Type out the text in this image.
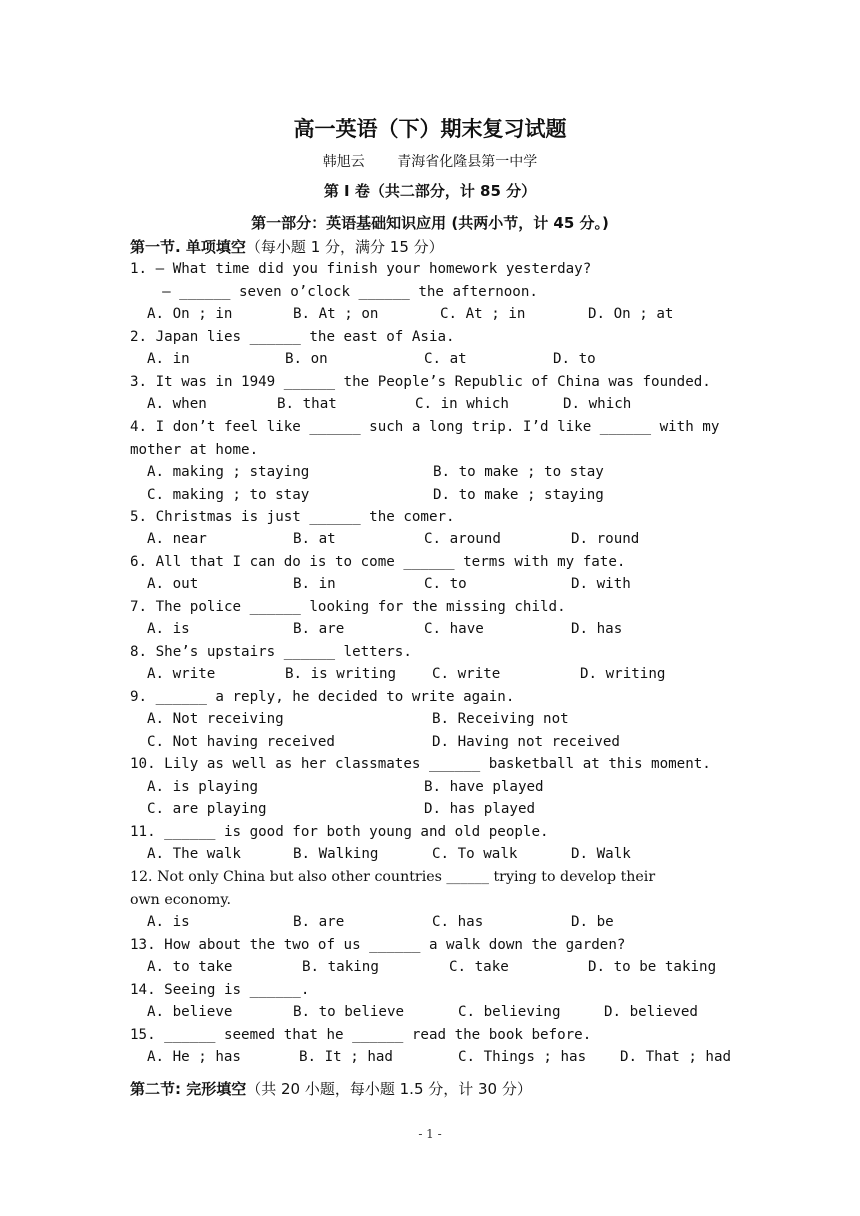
高一英语（下）期末复习试题
韩旭云 青海省化隆县第一中学
第 I 卷（共二部分，计 85 分）
第一部分：英语基础知识应用 (共两小节，计 45 分。)
第一节. 单项填空（每小题 1 分，满分 15 分）
1. — What time did you finish your homework yesterday?
— ______ seven o’clock ______ the afternoon.
A. On ; in	B. At ; on	C. At ; in	D. On ; at
2. Japan lies ______ the east of Asia.
A. in	B. on	C. at	D. to
3. It was in 1949 ______ the People’s Republic of China was founded.
A. when	B. that	C. in which	D. which
4. I don’t feel like ______ such a long trip. I’d like ______ with my
mother at home.
A. making ; staying	B. to make ; to stay
C. making ; to stay	D. to make ; staying
5. Christmas is just ______ the comer.
A. near	B. at	C. around	D. round
6. All that I can do is to come ______ terms with my fate.
A. out	B. in	C. to	D. with
7. The police ______ looking for the missing child.
A. is	B. are	C. have	D. has
8. She’s upstairs ______ letters.
A. write	B. is writing	C. write	D. writing
9. ______ a reply, he decided to write again.
A. Not receiving	B. Receiving not
C. Not having received	D. Having not received
10. Lily as well as her classmates ______ basketball at this moment.
A. is playing	B. have played
C. are playing	D. has played
11. ______ is good for both young and old people.
A. The walk	B. Walking	C. To walk	D. Walk
12. Not only China but also other countries ______ trying to develop their
own economy.
A. is	B. are	C. has	D. be
13. How about the two of us ______ a walk down the garden?
A. to take	B. taking	C. take	D. to be taking
14. Seeing is ______.
A. believe	B. to believe	C. believing	D. believed
15. ______ seemed that he ______ read the book before.
A. He ; has	B. It ; had	C. Things ; has D. That ; had
第二节: 完形填空（共 20 小题，每小题 1.5 分，计 30 分）
- 1 -
